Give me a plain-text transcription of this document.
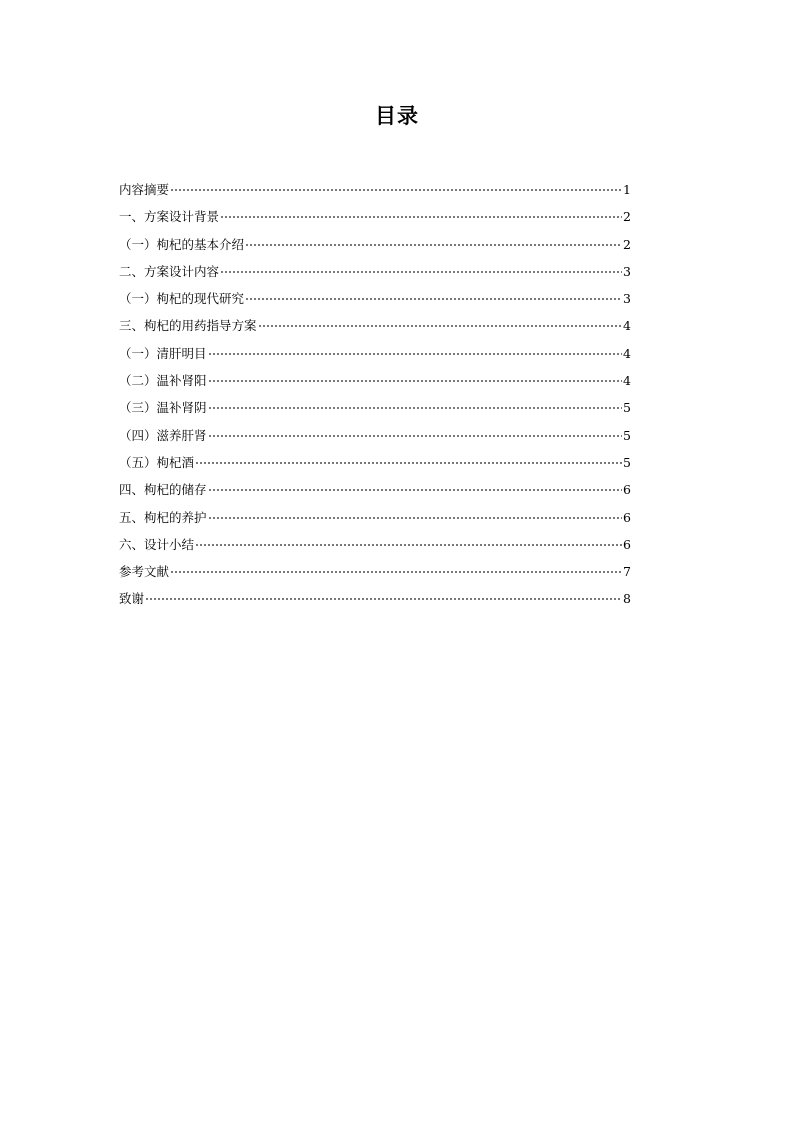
目录
内容摘要	1
一、方案设计背景	2
（一）枸杞的基本介绍	2
二、方案设计内容	3
（一）枸杞的现代研究	3
三、枸杞的用药指导方案	4
（一）清肝明目	4
（二）温补肾阳	4
（三）温补肾阴	5
（四）滋养肝肾	5
（五）枸杞酒	5
四、枸杞的储存	6
五、枸杞的养护	6
六、设计小结	6
参考文献	7
致谢	8
